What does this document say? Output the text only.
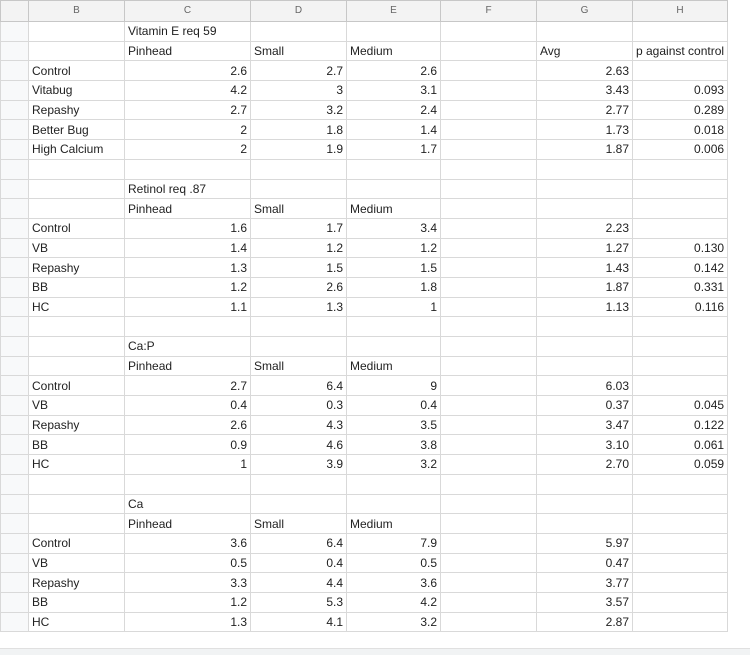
	B	C	D	E	F	G	H
		Vitamin E req 59					
		Pinhead	Small	Medium		Avg	p against control
	Control	2.6	2.7	2.6		2.63	
	Vitabug	4.2	3	3.1		3.43	0.093
	Repashy	2.7	3.2	2.4		2.77	0.289
	Better Bug	2	1.8	1.4		1.73	0.018
	High Calcium	2	1.9	1.7		1.87	0.006

		Retinol req .87					
		Pinhead	Small	Medium			
	Control	1.6	1.7	3.4		2.23	
	VB	1.4	1.2	1.2		1.27	0.130
	Repashy	1.3	1.5	1.5		1.43	0.142
	BB	1.2	2.6	1.8		1.87	0.331
	HC	1.1	1.3	1		1.13	0.116

		Ca:P					
		Pinhead	Small	Medium			
	Control	2.7	6.4	9		6.03	
	VB	0.4	0.3	0.4		0.37	0.045
	Repashy	2.6	4.3	3.5		3.47	0.122
	BB	0.9	4.6	3.8		3.10	0.061
	HC	1	3.9	3.2		2.70	0.059

		Ca					
		Pinhead	Small	Medium			
	Control	3.6	6.4	7.9		5.97	
	VB	0.5	0.4	0.5		0.47	
	Repashy	3.3	4.4	3.6		3.77	
	BB	1.2	5.3	4.2		3.57	
	HC	1.3	4.1	3.2		2.87	
